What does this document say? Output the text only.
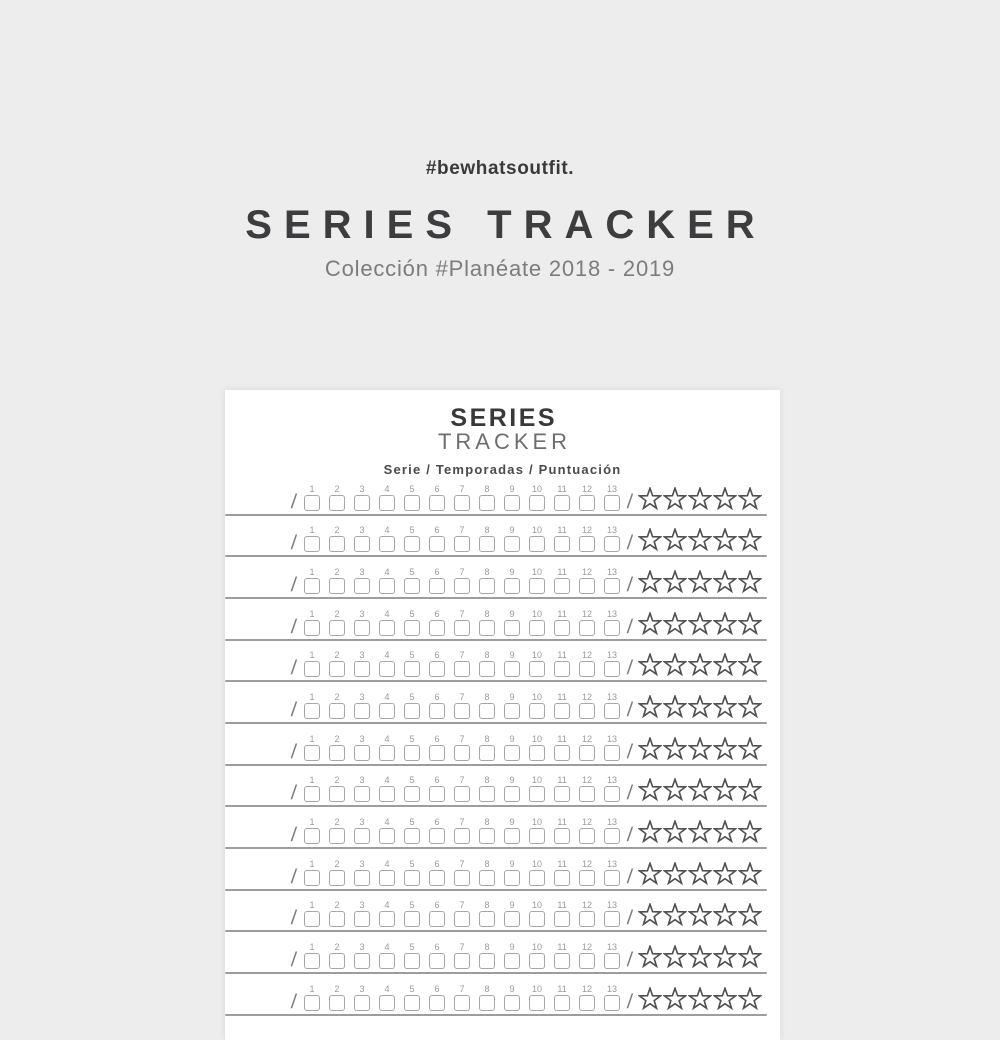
#bewhatsoutfit.
SERIES TRACKER
Colección #Planéate 2018 - 2019
SERIES
TRACKER
Serie / Temporadas / Puntuación
/
1 2 3 4 5 6 7 8 9 10 11 12 13
/
/
1 2 3 4 5 6 7 8 9 10 11 12 13
/
/
1 2 3 4 5 6 7 8 9 10 11 12 13
/
/
1 2 3 4 5 6 7 8 9 10 11 12 13
/
/
1 2 3 4 5 6 7 8 9 10 11 12 13
/
/
1 2 3 4 5 6 7 8 9 10 11 12 13
/
/
1 2 3 4 5 6 7 8 9 10 11 12 13
/
/
1 2 3 4 5 6 7 8 9 10 11 12 13
/
/
1 2 3 4 5 6 7 8 9 10 11 12 13
/
/
1 2 3 4 5 6 7 8 9 10 11 12 13
/
/
1 2 3 4 5 6 7 8 9 10 11 12 13
/
/
1 2 3 4 5 6 7 8 9 10 11 12 13
/
/
1 2 3 4 5 6 7 8 9 10 11 12 13
/
